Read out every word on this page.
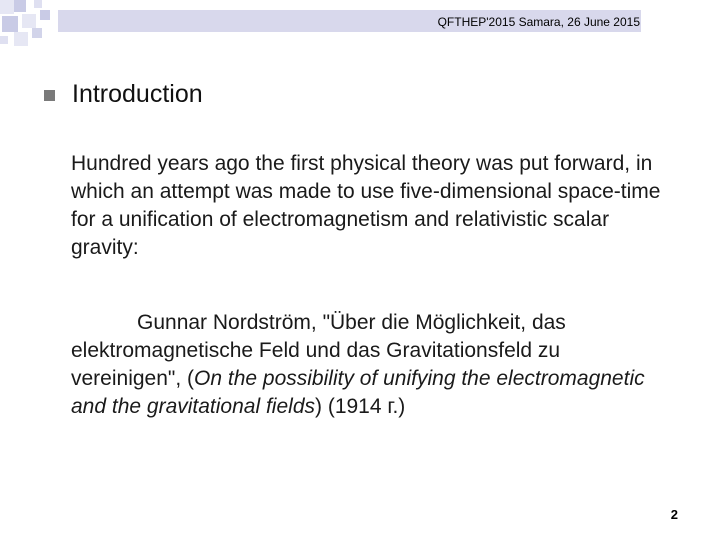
QFTHEP'2015 Samara, 26 June 2015
Introduction
Hundred years ago the first physical theory was put forward, in which an attempt was made to use five-dimensional space-time for a unification of electromagnetism and relativistic scalar gravity:
Gunnar Nordström, "Über die Möglichkeit, das elektromagnetische Feld und das Gravitationsfeld zu vereinigen", (On the possibility of unifying the electromagnetic and the gravitational fields) (1914 г.)
2
